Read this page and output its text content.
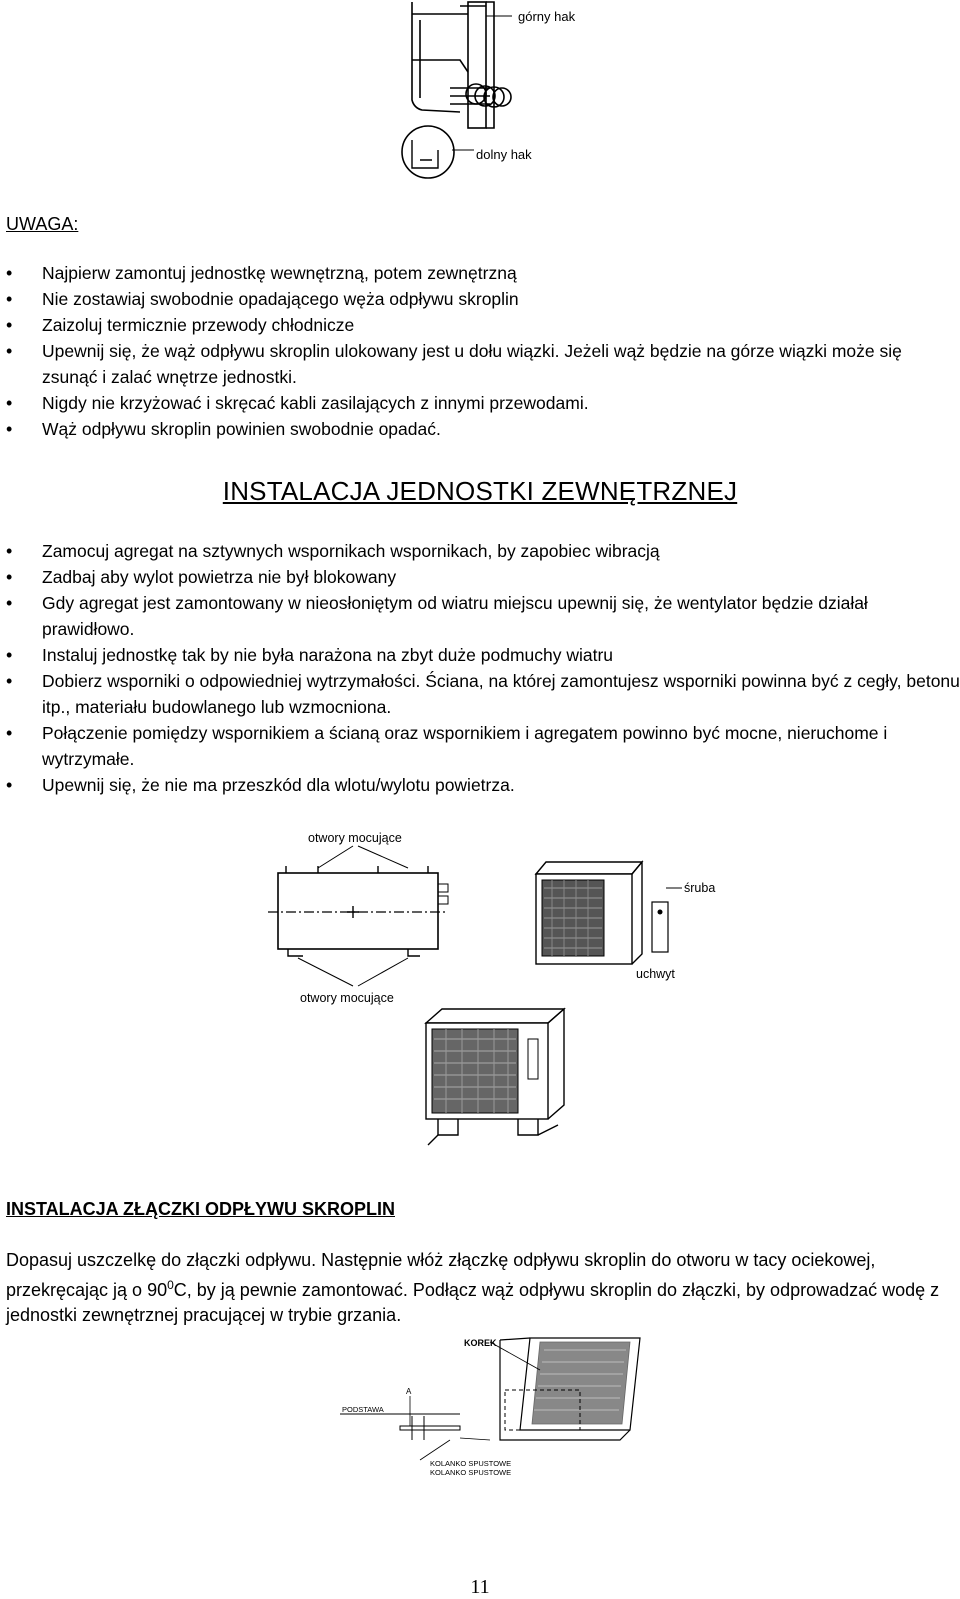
górny hak
dolny hak
UWAGA:
• Najpierw zamontuj jednostkę wewnętrzną, potem zewnętrzną
• Nie zostawiaj swobodnie opadającego węża odpływu skroplin
• Zaizoluj termicznie przewody chłodnicze
• Upewnij się, że wąż odpływu skroplin ulokowany jest u dołu wiązki. Jeżeli wąż będzie na górze wiązki może się zsunąć i zalać wnętrze jednostki.
• Nigdy nie krzyżować i skręcać kabli zasilających z innymi przewodami.
• Wąż odpływu skroplin powinien swobodnie opadać.
INSTALACJA JEDNOSTKI ZEWNĘTRZNEJ
• Zamocuj agregat na sztywnych wspornikach wspornikach, by zapobiec wibracją
• Zadbaj aby wylot powietrza nie był blokowany
• Gdy agregat jest zamontowany w nieosłoniętym od wiatru miejscu upewnij się, że wentylator będzie działał prawidłowo.
• Instaluj jednostkę tak by nie była narażona na zbyt duże podmuchy wiatru
• Dobierz wsporniki o odpowiedniej wytrzymałości. Ściana, na której zamontujesz wsporniki powinna być z cegły, betonu itp., materiału budowlanego lub wzmocniona.
• Połączenie pomiędzy wspornikiem a ścianą oraz wspornikiem i agregatem powinno być mocne, nieruchome i wytrzymałe.
• Upewnij się, że nie ma przeszkód dla wlotu/wylotu powietrza.
otwory mocujące
otwory mocujące
śruba
uchwyt
INSTALACJA ZŁĄCZKI ODPŁYWU SKROPLIN

Dopasuj uszczelkę do złączki odpływu. Następnie włóż złączkę odpływu skroplin do otworu w tacy ociekowej, przekręcając ją o $90^0C$, by ją pewnie zamontować. Podłącz wąż odpływu skroplin do złączki, by odprowadzać wodę z jednostki zewnętrznej pracującej w trybie grzania.

KOREK
PODSTAWA
A
KOLANKO SPUSTOWE
KOLANKO SPUSTOWE
11
